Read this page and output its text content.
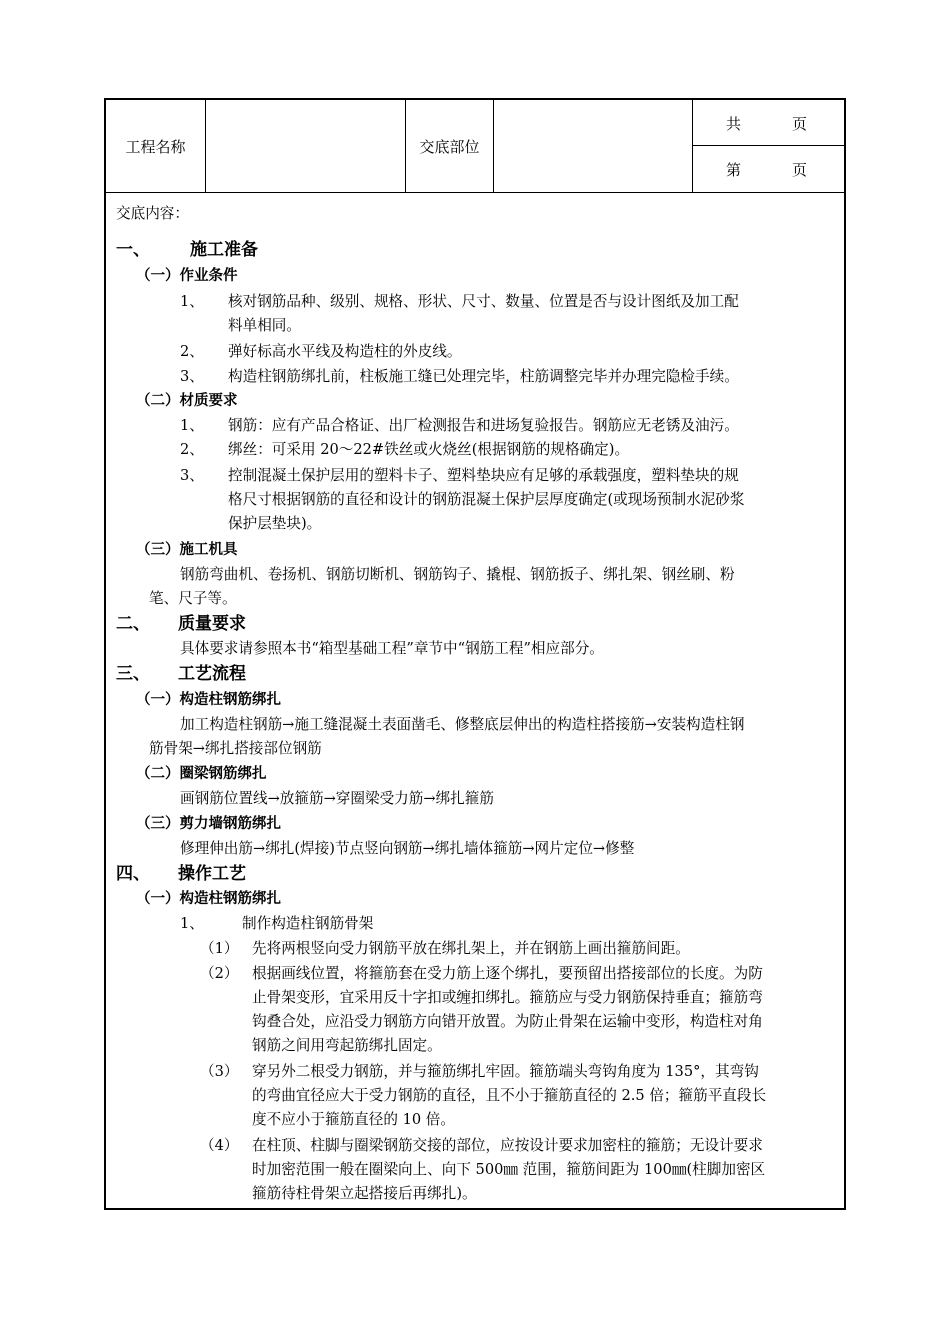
工程名称	交底部位
共	页
第	页
交底内容：
一、 施工准备
（一）作业条件
1、 核对钢筋品种、级别、规格、形状、尺寸、数量、位置是否与设计图纸及加工配
料单相同。
2、 弹好标高水平线及构造柱的外皮线。
3、 构造柱钢筋绑扎前，柱板施工缝已处理完毕，柱筋调整完毕并办理完隐检手续。
（二）材质要求
1、 钢筋：应有产品合格证、出厂检测报告和进场复验报告。钢筋应无老锈及油污。
2、 绑丝：可采用 20～22#铁丝或火烧丝(根据钢筋的规格确定)。
3、 控制混凝土保护层用的塑料卡子、塑料垫块应有足够的承载强度，塑料垫块的规
格尺寸根据钢筋的直径和设计的钢筋混凝土保护层厚度确定(或现场预制水泥砂浆
保护层垫块)。
（三）施工机具
钢筋弯曲机、卷扬机、钢筋切断机、钢筋钩子、撬棍、钢筋扳子、绑扎架、钢丝刷、粉
笔、尺子等。
二、 质量要求
具体要求请参照本书“箱型基础工程”章节中“钢筋工程”相应部分。
三、 工艺流程
（一）构造柱钢筋绑扎
加工构造柱钢筋→施工缝混凝土表面凿毛、修整底层伸出的构造柱搭接筋→安装构造柱钢
筋骨架→绑扎搭接部位钢筋
（二）圈梁钢筋绑扎
画钢筋位置线→放箍筋→穿圈梁受力筋→绑扎箍筋
（三）剪力墙钢筋绑扎
修理伸出筋→绑扎(焊接)节点竖向钢筋→绑扎墙体箍筋→网片定位→修整
四、 操作工艺
（一）构造柱钢筋绑扎
1、	制作构造柱钢筋骨架
（1） 先将两根竖向受力钢筋平放在绑扎架上，并在钢筋上画出箍筋间距。
（2） 根据画线位置，将箍筋套在受力筋上逐个绑扎，要预留出搭接部位的长度。为防
止骨架变形，宜采用反十字扣或缠扣绑扎。箍筋应与受力钢筋保持垂直；箍筋弯
钩叠合处，应沿受力钢筋方向错开放置。为防止骨架在运输中变形，构造柱对角
钢筋之间用弯起筋绑扎固定。
（3） 穿另外二根受力钢筋，并与箍筋绑扎牢固。箍筋端头弯钩角度为 135°，其弯钩
的弯曲宜径应大于受力钢筋的直径，且不小于箍筋直径的 2.5 倍；箍筋平直段长
度不应小于箍筋直径的 10 倍。
（4） 在柱顶、柱脚与圈梁钢筋交接的部位，应按设计要求加密柱的箍筋；无设计要求
时加密范围一般在圈梁向上、向下 500㎜ 范围，箍筋间距为 100㎜(柱脚加密区
箍筋待柱骨架立起搭接后再绑扎)。
